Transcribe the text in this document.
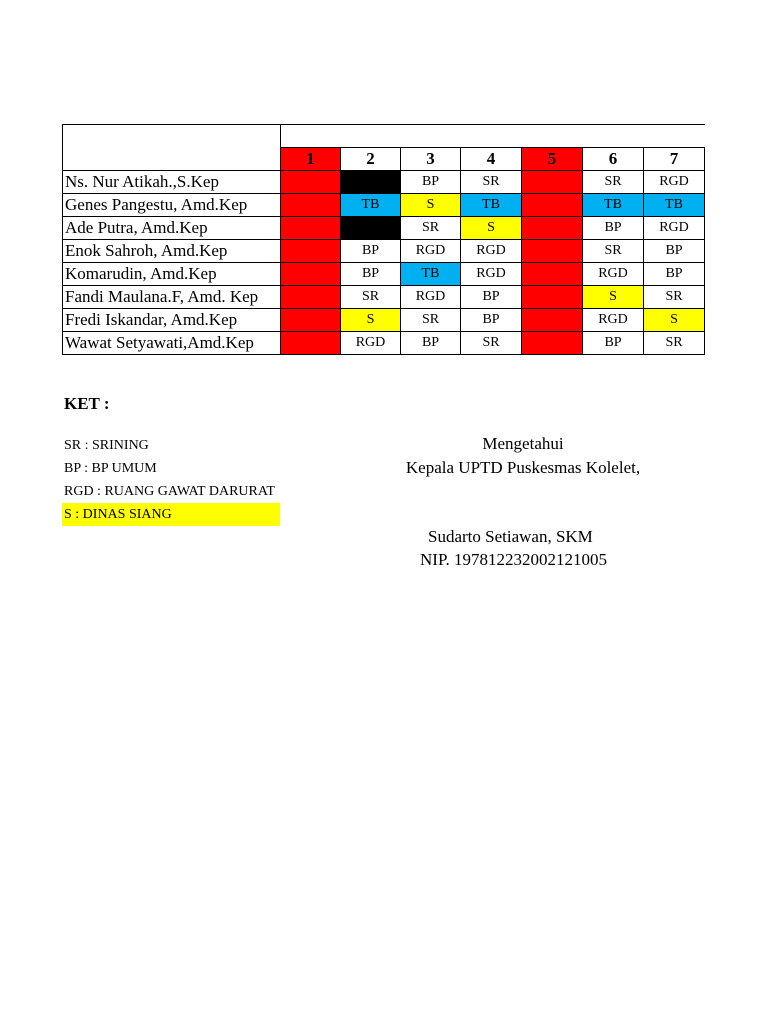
	1	2	3	4	5	6	7
Ns. Nur Atikah.,S.Kep			BP	SR		SR	RGD
Genes Pangestu, Amd.Kep		TB	S	TB		TB	TB
Ade Putra, Amd.Kep			SR	S		BP	RGD
Enok Sahroh, Amd.Kep		BP	RGD	RGD		SR	BP
Komarudin, Amd.Kep		BP	TB	RGD		RGD	BP
Fandi Maulana.F, Amd. Kep		SR	RGD	BP		S	SR
Fredi Iskandar, Amd.Kep		S	SR	BP		RGD	S
Wawat Setyawati,Amd.Kep		RGD	BP	SR		BP	SR
KET :
SR : SRINING
BP : BP UMUM
RGD : RUANG GAWAT DARURAT
S : DINAS SIANG
Mengetahui
Kepala UPTD Puskesmas Kolelet,
Sudarto Setiawan, SKM
NIP. 197812232002121005
